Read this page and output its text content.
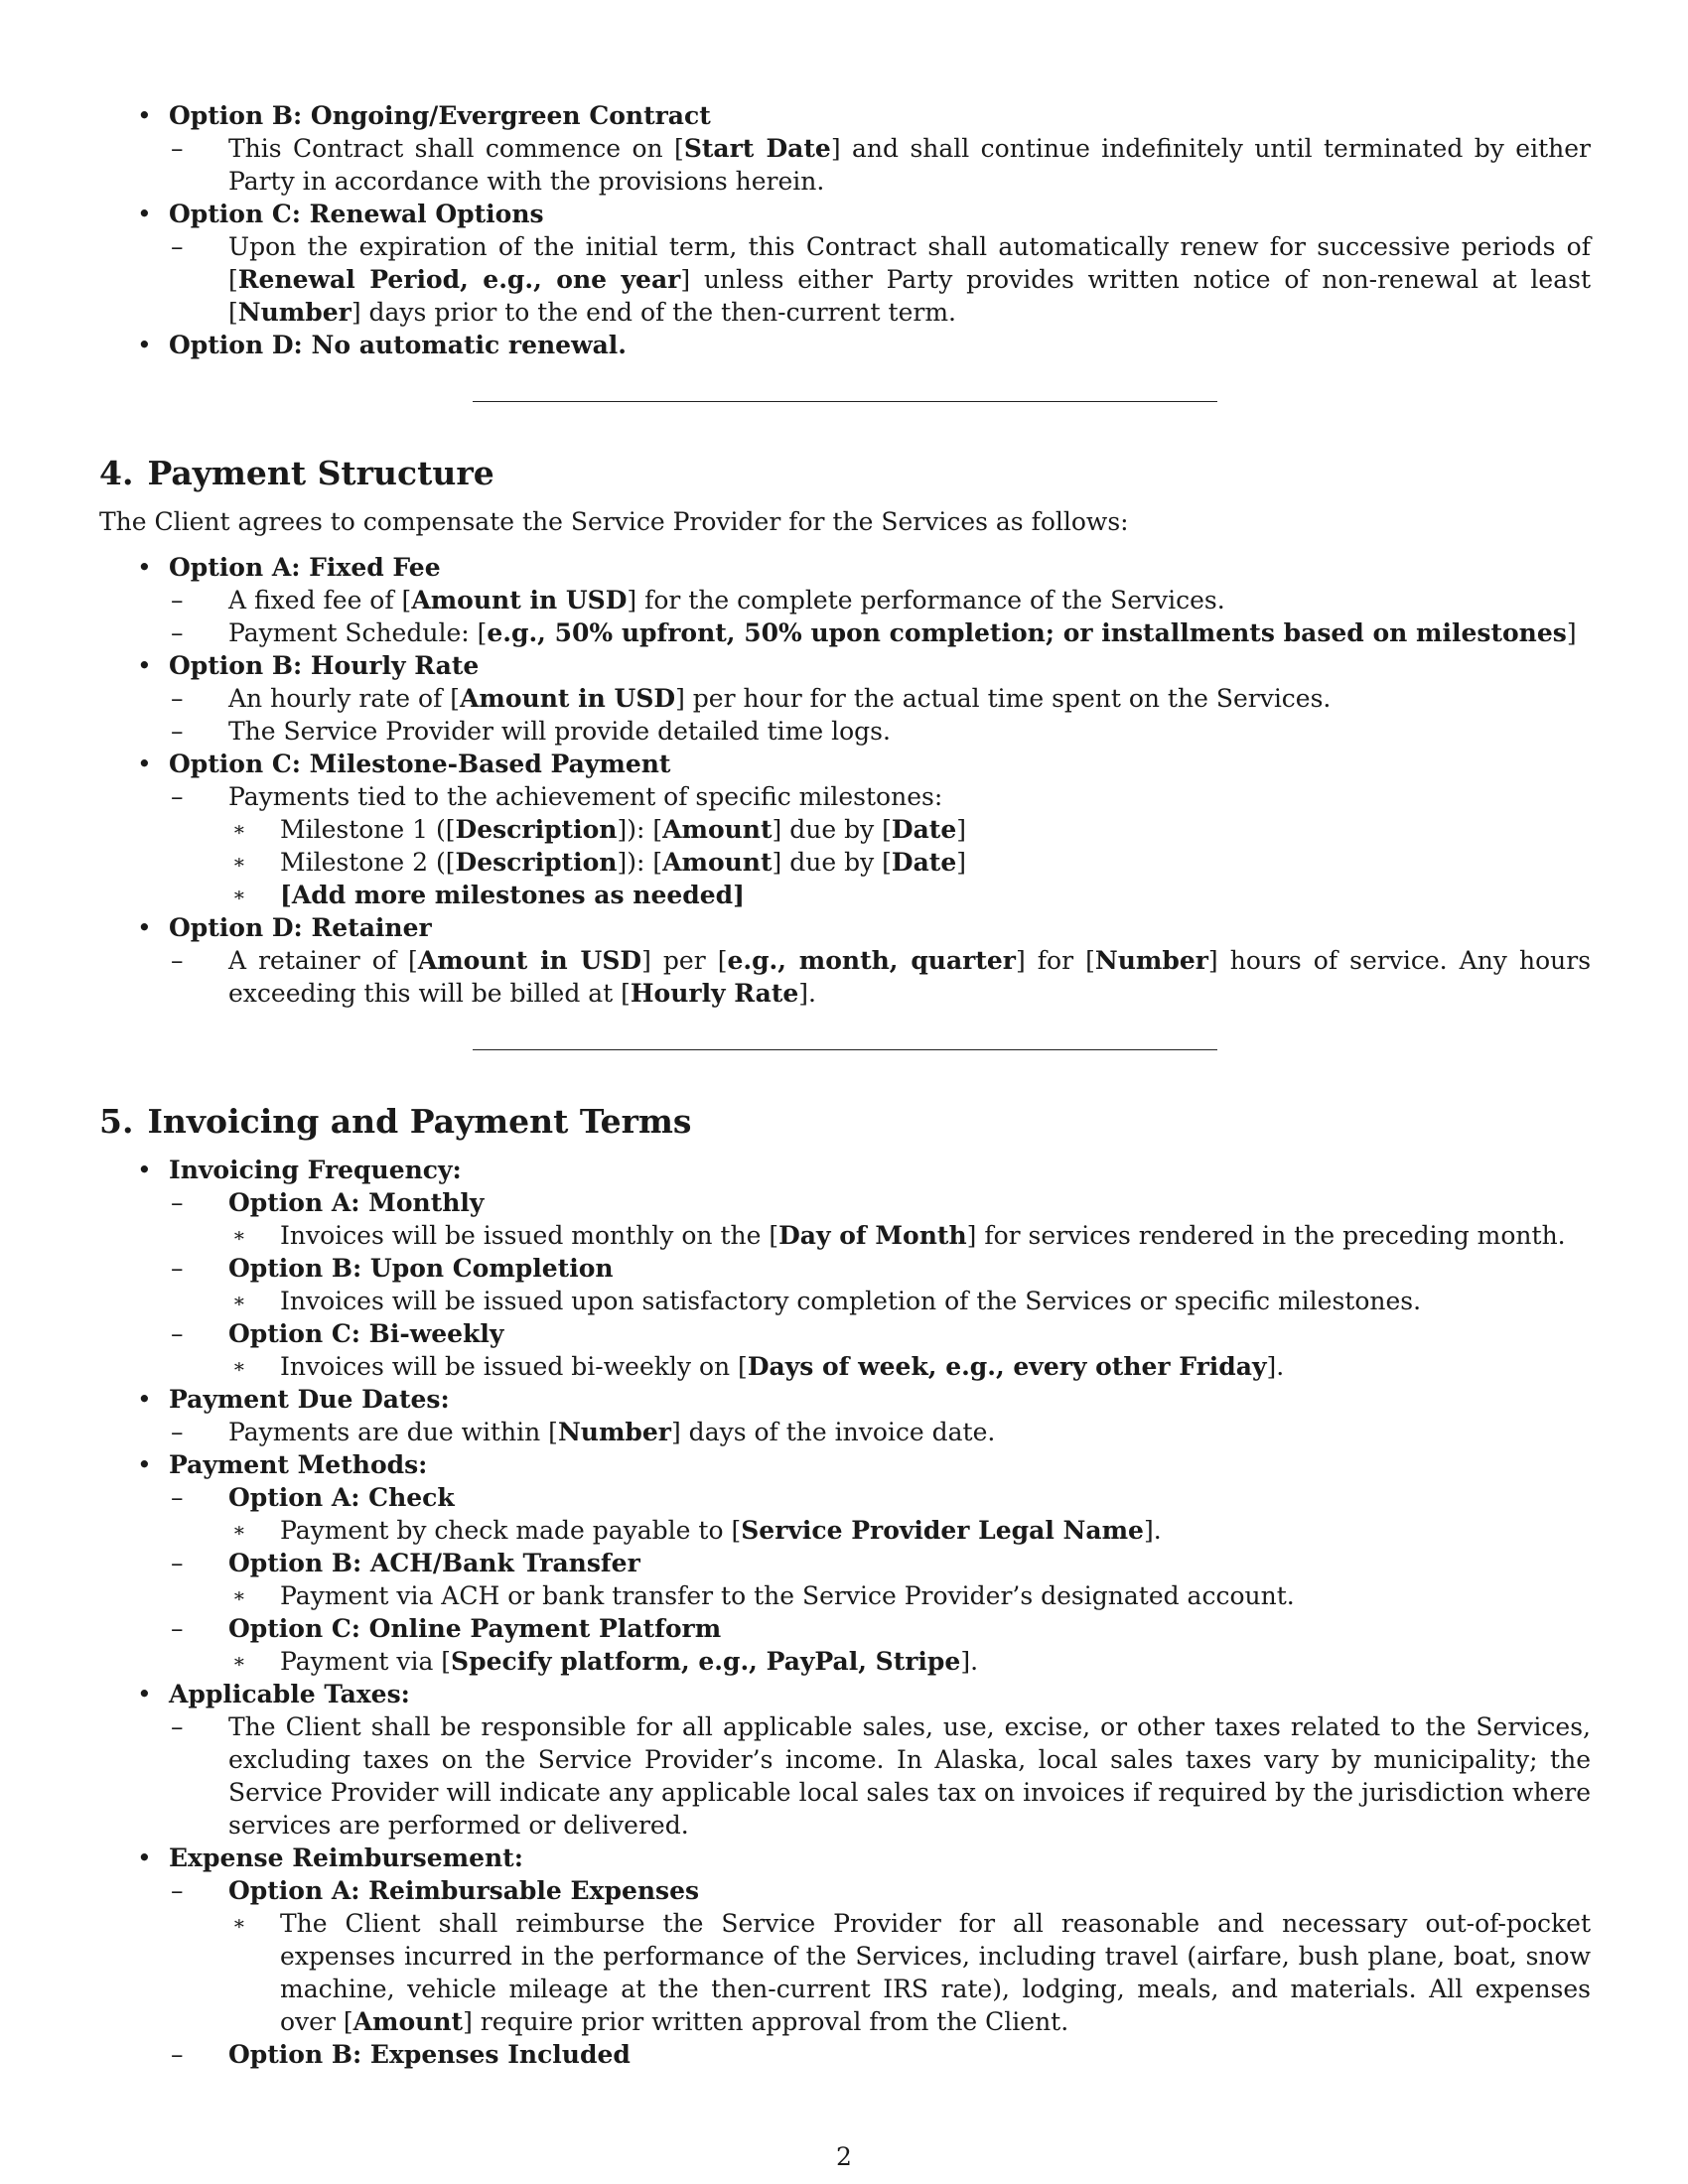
• Option B: Ongoing/Evergreen Contract
– This Contract shall commence on [Start Date] and shall continue indefinitely until terminated by either Party in accordance with the provisions herein.
• Option C: Renewal Options
– Upon the expiration of the initial term, this Contract shall automatically renew for successive periods of [Renewal Period, e.g., one year] unless either Party provides written notice of non-renewal at least [Number] days prior to the end of the then-current term.
• Option D: No automatic renewal.
4. Payment Structure
The Client agrees to compensate the Service Provider for the Services as follows:
• Option A: Fixed Fee
– A fixed fee of [Amount in USD] for the complete performance of the Services.
– Payment Schedule: [e.g., 50% upfront, 50% upon completion; or installments based on milestones]
• Option B: Hourly Rate
– An hourly rate of [Amount in USD] per hour for the actual time spent on the Services.
– The Service Provider will provide detailed time logs.
• Option C: Milestone-Based Payment
– Payments tied to the achievement of specific milestones:
∗ Milestone 1 ([Description]): [Amount] due by [Date]
∗ Milestone 2 ([Description]): [Amount] due by [Date]
∗ [Add more milestones as needed]
• Option D: Retainer
– A retainer of [Amount in USD] per [e.g., month, quarter] for [Number] hours of service. Any hours exceeding this will be billed at [Hourly Rate].
5. Invoicing and Payment Terms
• Invoicing Frequency:
– Option A: Monthly
∗ Invoices will be issued monthly on the [Day of Month] for services rendered in the preceding month.
– Option B: Upon Completion
∗ Invoices will be issued upon satisfactory completion of the Services or specific milestones.
– Option C: Bi-weekly
∗ Invoices will be issued bi-weekly on [Days of week, e.g., every other Friday].
• Payment Due Dates:
– Payments are due within [Number] days of the invoice date.
• Payment Methods:
– Option A: Check
∗ Payment by check made payable to [Service Provider Legal Name].
– Option B: ACH/Bank Transfer
∗ Payment via ACH or bank transfer to the Service Provider’s designated account.
– Option C: Online Payment Platform
∗ Payment via [Specify platform, e.g., PayPal, Stripe].
• Applicable Taxes:
– The Client shall be responsible for all applicable sales, use, excise, or other taxes related to the Services, excluding taxes on the Service Provider’s income. In Alaska, local sales taxes vary by municipality; the Service Provider will indicate any applicable local sales tax on invoices if required by the jurisdiction where services are performed or delivered.
• Expense Reimbursement:
– Option A: Reimbursable Expenses
∗ The Client shall reimburse the Service Provider for all reasonable and necessary out-of-pocket expenses incurred in the performance of the Services, including travel (airfare, bush plane, boat, snow machine, vehicle mileage at the then-current IRS rate), lodging, meals, and materials. All expenses over [Amount] require prior written approval from the Client.
– Option B: Expenses Included
2
